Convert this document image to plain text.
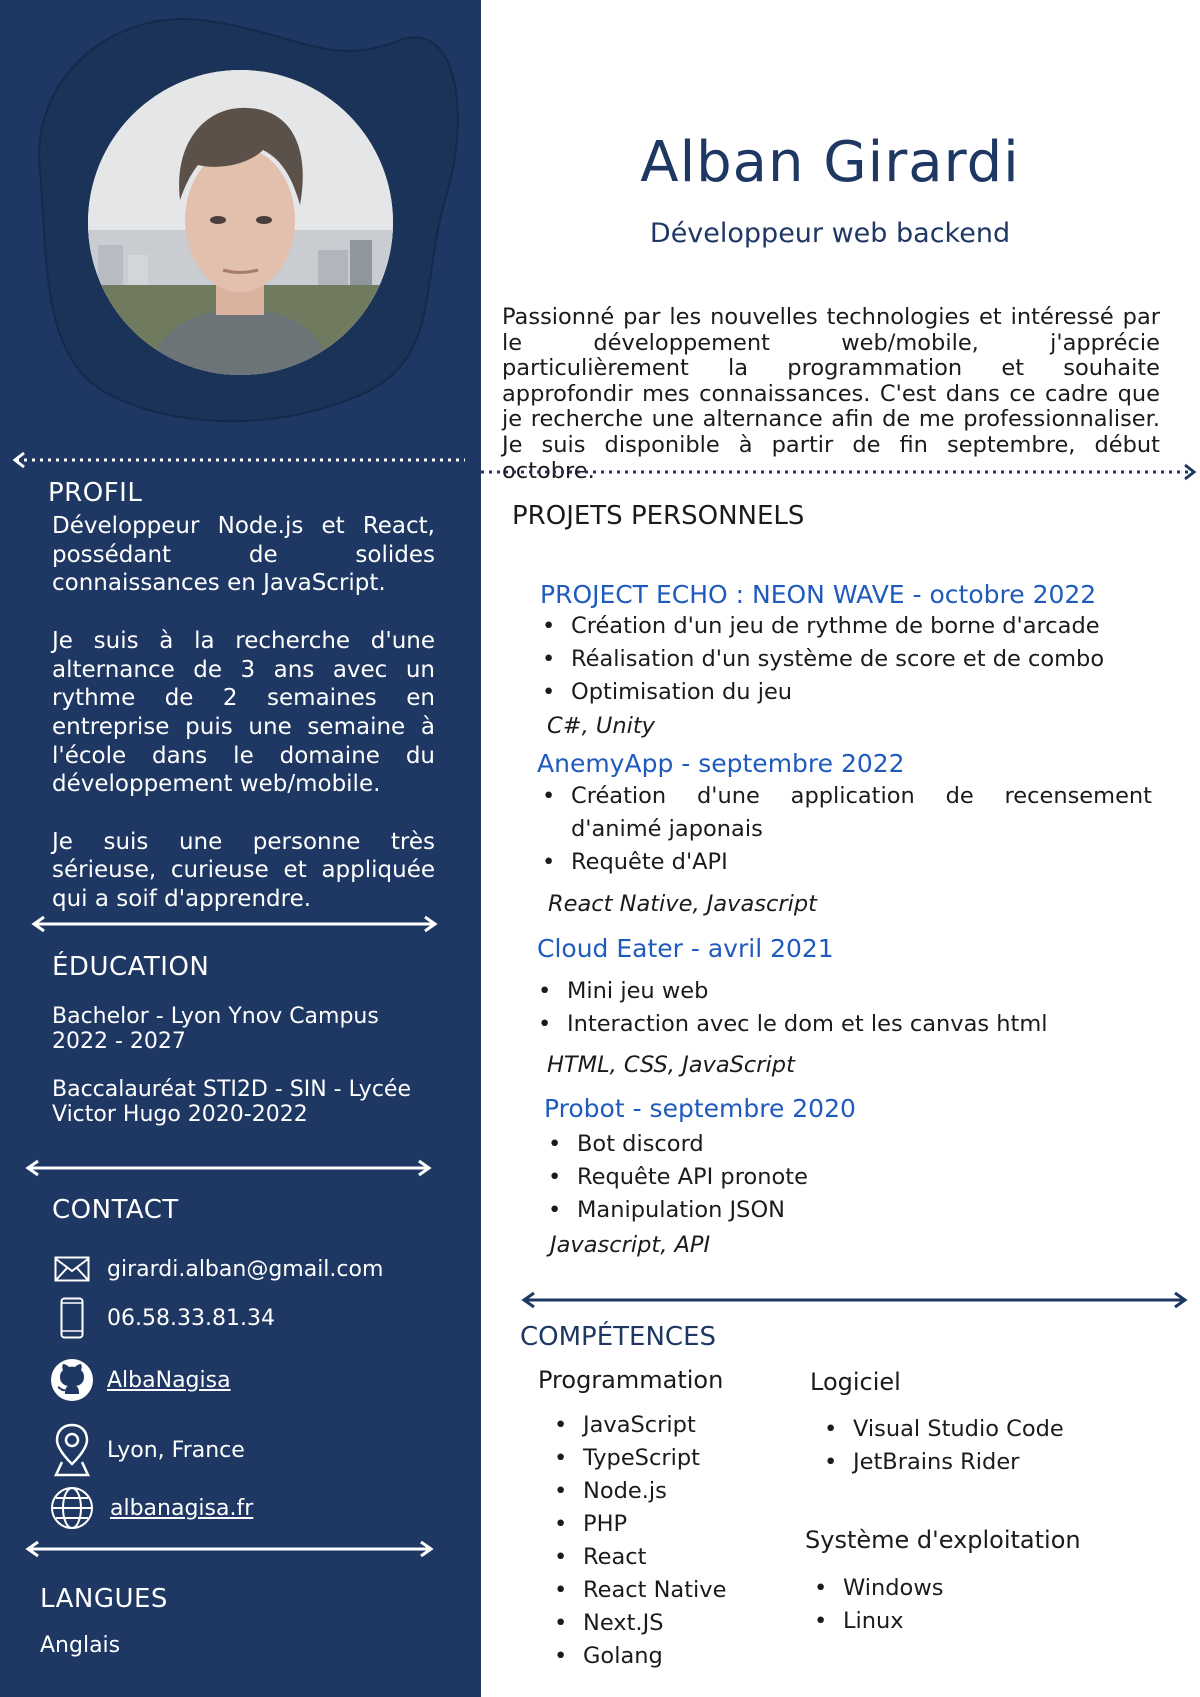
PROFIL

Développeur Node.js et React, possédant de solides connaissances en JavaScript.

Je suis à la recherche d'une alternance de 3 ans avec un rythme de 2 semaines en entreprise puis une semaine à l'école dans le domaine du développement web/mobile.

Je suis une personne très sérieuse, curieuse et appliquée qui a soif d'apprendre.

ÉDUCATION
Bachelor - Lyon Ynov Campus 2022 - 2027
Baccalauréat STI2D - SIN - Lycée Victor Hugo 2020-2022
CONTACT
girardi.alban@gmail.com
06.58.33.81.34
AlbaNagisa
Lyon, France
albanagisa.fr
LANGUES
Anglais
Alban Girardi
Développeur web backend
Passionné par les nouvelles technologies et intéressé par le développement web/mobile, j'apprécie particulièrement la programmation et souhaite approfondir mes connaissances. C'est dans ce cadre que je recherche une alternance afin de me professionnaliser. Je suis disponible à partir de fin septembre, début octobre.
PROJETS PERSONNELS
PROJECT ECHO : NEON WAVE - octobre 2022
• Création d'un jeu de rythme de borne d'arcade
• Réalisation d'un système de score et de combo
• Optimisation du jeu
C#, Unity
AnemyApp - septembre 2022
• Création d'une application de recensement d'animé japonais
• Requête d'API
React Native, Javascript
Cloud Eater - avril 2021
• Mini jeu web
• Interaction avec le dom et les canvas html
HTML, CSS, JavaScript
Probot - septembre 2020
• Bot discord
• Requête API pronote
• Manipulation JSON
Javascript, API
COMPÉTENCES
Programmation
• JavaScript
• TypeScript
• Node.js
• PHP
• React
• React Native
• Next.JS
• Golang
Logiciel
• Visual Studio Code
• JetBrains Rider
Système d'exploitation
• Windows
• Linux
